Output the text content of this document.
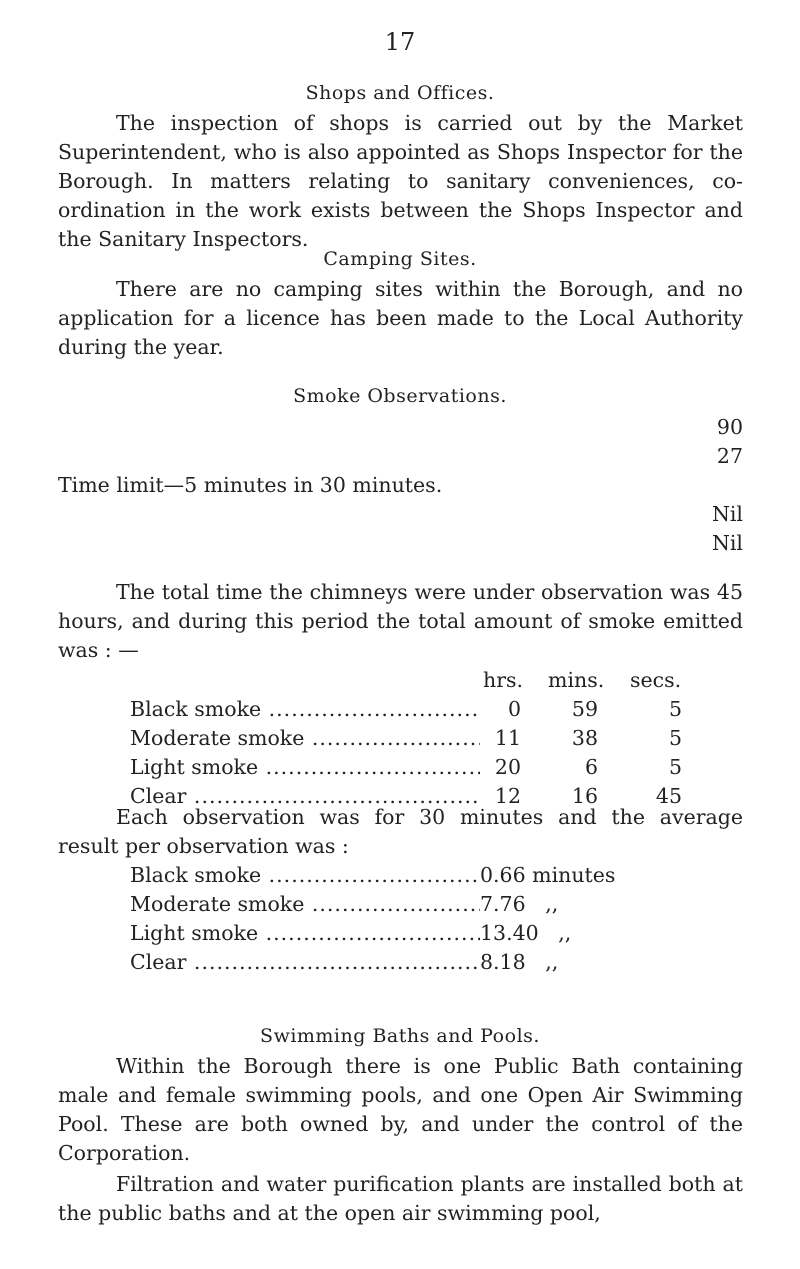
17
Shops and Offices.
The inspection of shops is carried out by the Market Superintendent, who is also appointed as Shops Inspector for the Borough. In matters relating to sanitary conveniences, co-ordination in the work exists between the Shops Inspector and the Sanitary Inspectors.
Camping Sites.
There are no camping sites within the Borough, and no application for a licence has been made to the Local Authority during the year.
Smoke Observations.
90
27
Time limit—5 minutes in 30 minutes.
Nil
Nil
The total time the chimneys were under observation was 45 hours, and during this period the total amount of smoke emitted was : —
hrs. mins. secs.
Black smoke .....	0	59	5
Moderate smoke .....	11	38	5
Light smoke .....	20	6	5
Clear .....	12	16	45
Each observation was for 30 minutes and the average result per observation was :
Black smoke .....	0.66 minutes
Moderate smoke .....	7.76   ,,
Light smoke .....	13.40   ,,
Clear .....	8.18   ,,
Swimming Baths and Pools.
Within the Borough there is one Public Bath containing male and female swimming pools, and one Open Air Swimming Pool. These are both owned by, and under the control of the Corporation.
Filtration and water purification plants are installed both at the public baths and at the open air swimming pool,
